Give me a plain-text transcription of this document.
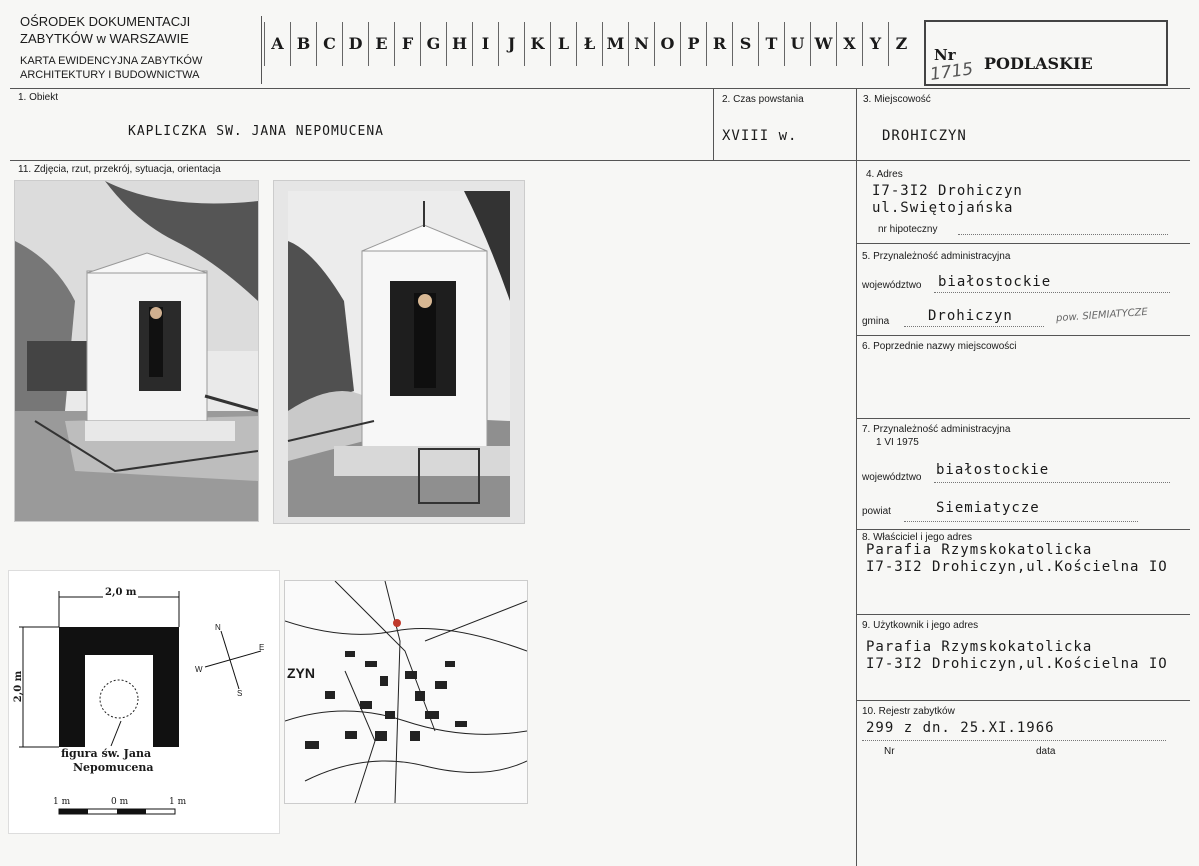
OŚRODEK DOKUMENTACJI
ZABYTKÓW w WARSZAWIE
KARTA EWIDENCYJNA ZABYTKÓW
ARCHITEKTURY I BUDOWNICTWA
A B C D E F G H I	J K L Ł M N O P R S T U W X Y Z
Nr
1715 PODLASKIE
1. Obiekt
KAPLICZKA SW. JANA NEPOMUCENA
2. Czas powstania
XVIII w.
3. Miejscowość
DROHICZYN
11. Zdjęcia, rzut, przekrój, sytuacja, orientacja
2,0 m
2,0 m
figura św. Jana
Nepomucena
1 m	0 m	1 m
N
E
S
W	ZYN
4. Adres
I7-3I2 Drohiczyn
ul.Swiętojańska
nr hipoteczny
5. Przynależność administracyjna
województwo białostockie
gmina	Drohiczyn	pow. SIEMIATYCZE
6. Poprzednie nazwy miejscowości
7. Przynależność administracyjna
1 VI 1975
województwo białostockie
powiat	Siemiatycze
8. Właściciel i jego adres
Parafia Rzymskokatolicka
I7-3I2 Drohiczyn,ul.Kościelna IO
9. Użytkownik i jego adres
Parafia Rzymskokatolicka
I7-3I2 Drohiczyn,ul.Kościelna IO
10. Rejestr zabytków
299 z dn. 25.XI.1966
Nr	data
